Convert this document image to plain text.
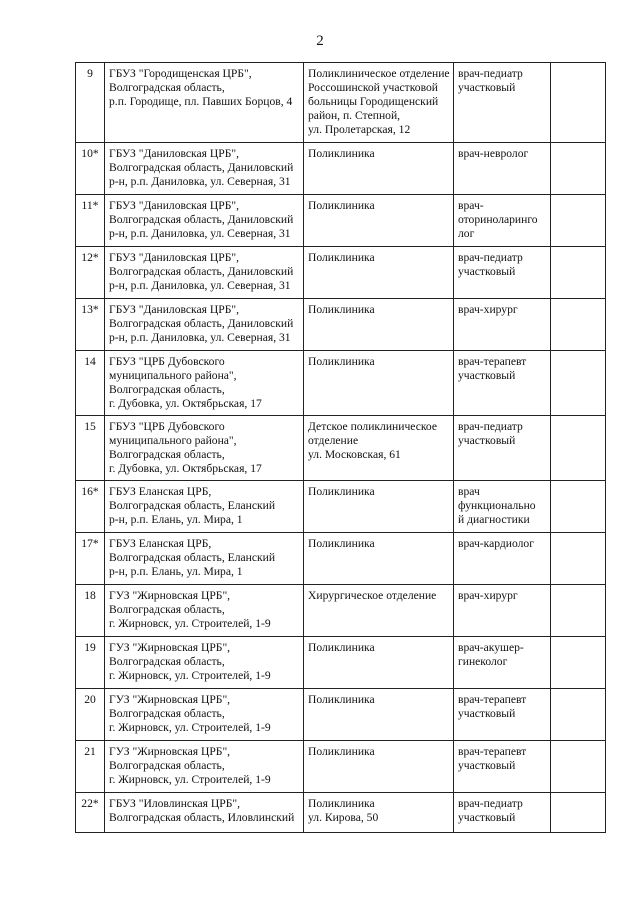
2
9	ГБУЗ "Городищенская ЦРБ",
Волгоградская область,
р.п. Городище, пл. Павших Борцов, 4	Поликлиническое отделение
Россошинской участковой
больницы Городищенский
район, п. Степной,
ул. Пролетарская, 12	врач-педиатр
участковый	

10*	ГБУЗ "Даниловская ЦРБ",
Волгоградская область, Даниловский
р-н, р.п. Даниловка, ул. Северная, 31	Поликлиника	врач-невролог	

11*	ГБУЗ "Даниловская ЦРБ",
Волгоградская область, Даниловский
р-н, р.п. Даниловка, ул. Северная, 31	Поликлиника	врач-
оториноларинго
лог	

12*	ГБУЗ "Даниловская ЦРБ",
Волгоградская область, Даниловский
р-н, р.п. Даниловка, ул. Северная, 31	Поликлиника	врач-педиатр
участковый	

13*	ГБУЗ "Даниловская ЦРБ",
Волгоградская область, Даниловский
р-н, р.п. Даниловка, ул. Северная, 31	Поликлиника	врач-хирург	

14	ГБУЗ "ЦРБ Дубовского
муниципального района",
Волгоградская область,
г. Дубовка, ул. Октябрьская, 17	Поликлиника	врач-терапевт
участковый	

15	ГБУЗ "ЦРБ Дубовского
муниципального района",
Волгоградская область,
г. Дубовка, ул. Октябрьская, 17	Детское поликлиническое
отделение
ул. Московская, 61	врач-педиатр
участковый	

16*	ГБУЗ Еланская ЦРБ,
Волгоградская область, Еланский
р-н, р.п. Елань, ул. Мира, 1	Поликлиника	врач
функционально
й диагностики	

17*	ГБУЗ Еланская ЦРБ,
Волгоградская область, Еланский
р-н, р.п. Елань, ул. Мира, 1	Поликлиника	врач-кардиолог	

18	ГУЗ "Жирновская ЦРБ",
Волгоградская область,
г. Жирновск, ул. Строителей, 1-9	Хирургическое отделение	врач-хирург	

19	ГУЗ "Жирновская ЦРБ",
Волгоградская область,
г. Жирновск, ул. Строителей, 1-9	Поликлиника	врач-акушер-
гинеколог	

20	ГУЗ "Жирновская ЦРБ",
Волгоградская область,
г. Жирновск, ул. Строителей, 1-9	Поликлиника	врач-терапевт
участковый	

21	ГУЗ "Жирновская ЦРБ",
Волгоградская область,
г. Жирновск, ул. Строителей, 1-9	Поликлиника	врач-терапевт
участковый	

22*	ГБУЗ "Иловлинская ЦРБ",
Волгоградская область, Иловлинский	Поликлиника
ул. Кирова, 50	врач-педиатр
участковый	
